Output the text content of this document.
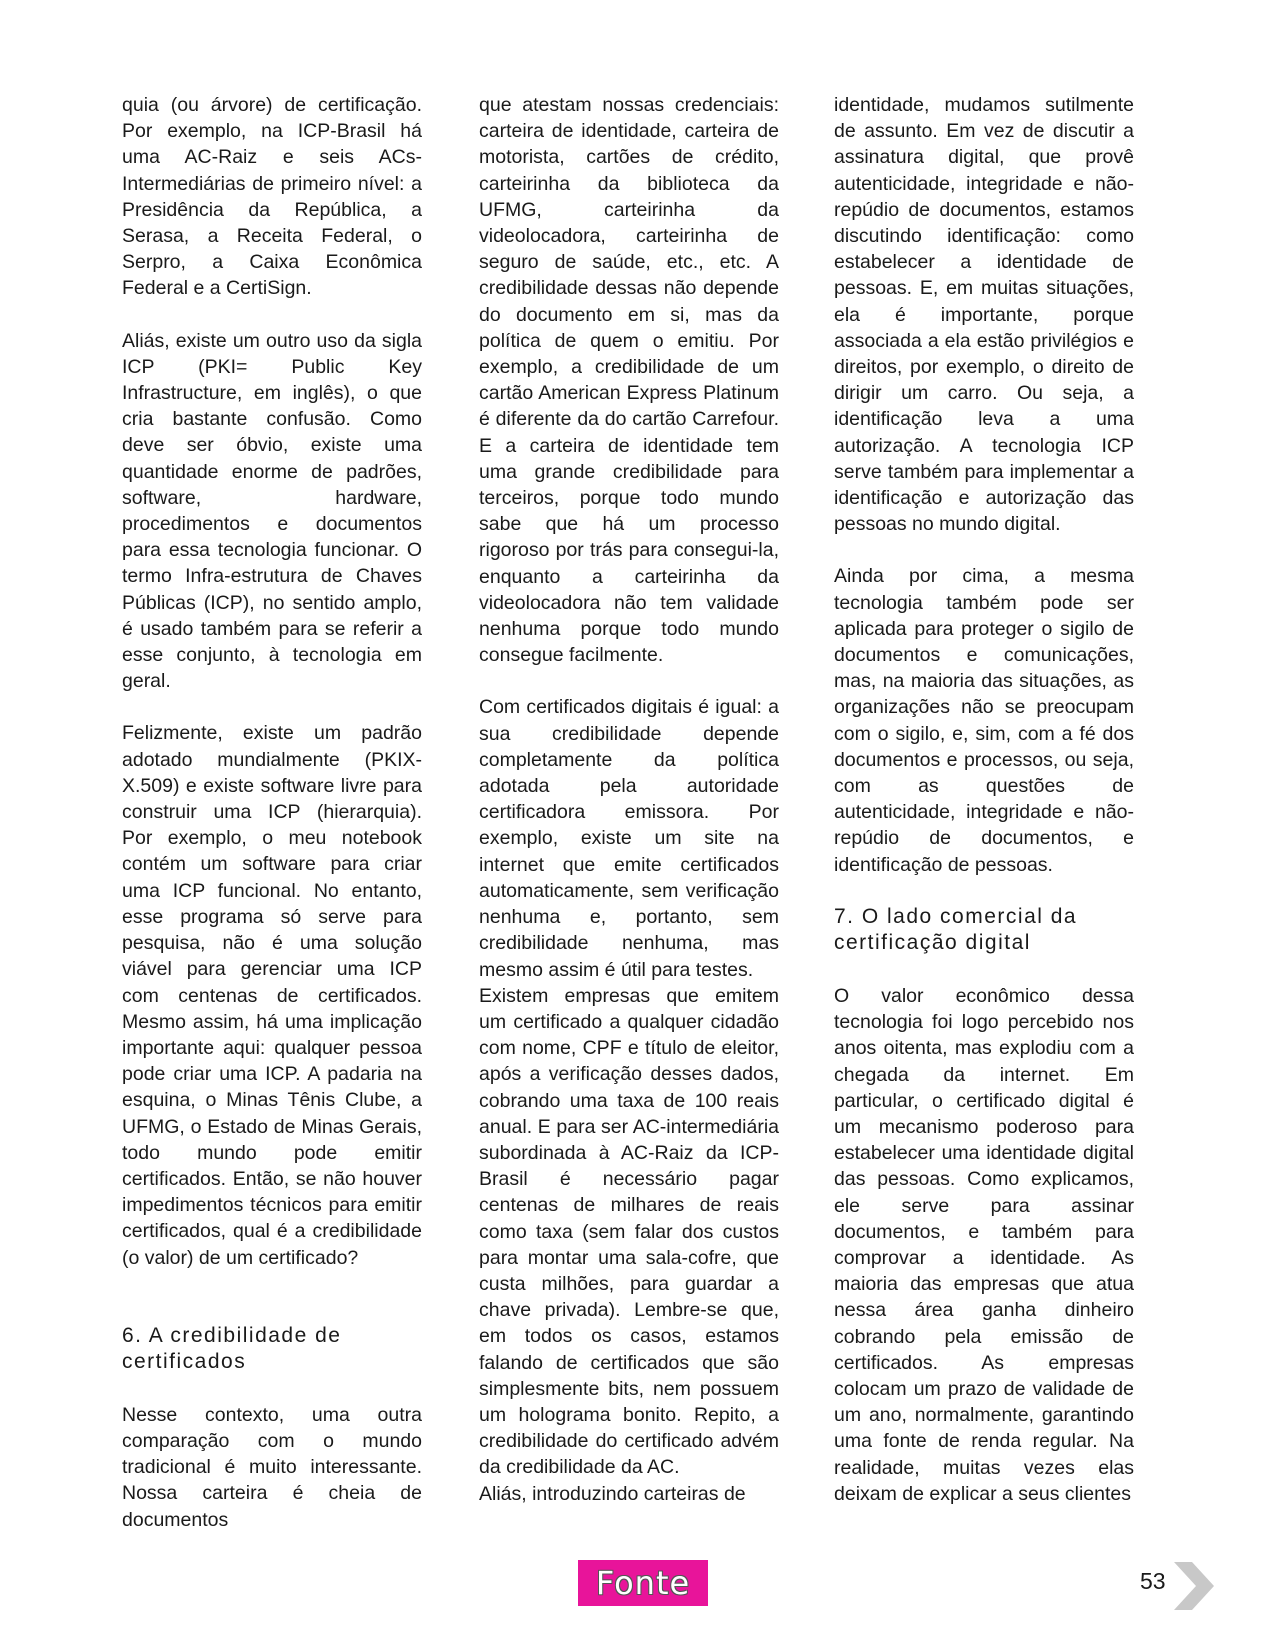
quia (ou árvore) de certificação. Por exemplo, na ICP-Brasil há uma AC-Raiz e seis ACs-Intermediárias de primeiro nível: a Presidência da República, a Serasa, a Receita Federal, o Serpro, a Caixa Econômica Federal e a CertiSign.

Aliás, existe um outro uso da sigla ICP (PKI= Public Key Infrastructure, em inglês), o que cria bastante confusão. Como deve ser óbvio, existe uma quantidade enorme de padrões, software, hardware, procedimentos e documentos para essa tecnologia funcionar. O termo Infra-estrutura de Chaves Públicas (ICP), no sentido amplo, é usado também para se referir a esse conjunto, à tecnologia em geral.

Felizmente, existe um padrão adotado mundialmente (PKIX-X.509) e existe software livre para construir uma ICP (hierarquia). Por exemplo, o meu notebook contém um software para criar uma ICP funcional. No entanto, esse programa só serve para pesquisa, não é uma solução viável para gerenciar uma ICP com centenas de certificados. Mesmo assim, há uma implicação importante aqui: qualquer pessoa pode criar uma ICP. A padaria na esquina, o Minas Tênis Clube, a UFMG, o Estado de Minas Gerais, todo mundo pode emitir certificados. Então, se não houver impedimentos técnicos para emitir certificados, qual é a credibilidade (o valor) de um certificado?

6. A credibilidade de certificados

Nesse contexto, uma outra comparação com o mundo tradicional é muito interessante. Nossa carteira é cheia de documentos

que atestam nossas credenciais: carteira de identidade, carteira de motorista, cartões de crédito, carteirinha da biblioteca da UFMG, carteirinha da videolocadora, carteirinha de seguro de saúde, etc., etc. A credibilidade dessas não depende do documento em si, mas da política de quem o emitiu. Por exemplo, a credibilidade de um cartão American Express Platinum é diferente da do cartão Carrefour. E a carteira de identidade tem uma grande credibilidade para terceiros, porque todo mundo sabe que há um processo rigoroso por trás para consegui-la, enquanto a carteirinha da videolocadora não tem validade nenhuma porque todo mundo consegue facilmente.

Com certificados digitais é igual: a sua credibilidade depende completamente da política adotada pela autoridade certificadora emissora. Por exemplo, existe um site na internet que emite certificados automaticamente, sem verificação nenhuma e, portanto, sem credibilidade nenhuma, mas mesmo assim é útil para testes.

Existem empresas que emitem um certificado a qualquer cidadão com nome, CPF e título de eleitor, após a verificação desses dados, cobrando uma taxa de 100 reais anual. E para ser AC-intermediária subordinada à AC-Raiz da ICP-Brasil é necessário pagar centenas de milhares de reais como taxa (sem falar dos custos para montar uma sala-cofre, que custa milhões, para guardar a chave privada). Lembre-se que, em todos os casos, estamos falando de certificados que são simplesmente bits, nem possuem um holograma bonito. Repito, a credibilidade do certificado advém da credibilidade da AC.

Aliás, introduzindo carteiras de

identidade, mudamos sutilmente de assunto. Em vez de discutir a assinatura digital, que provê autenticidade, integridade e não-repúdio de documentos, estamos discutindo identificação: como estabelecer a identidade de pessoas. E, em muitas situações, ela é importante, porque associada a ela estão privilégios e direitos, por exemplo, o direito de dirigir um carro. Ou seja, a identificação leva a uma autorização. A tecnologia ICP serve também para implementar a identificação e autorização das pessoas no mundo digital.

Ainda por cima, a mesma tecnologia também pode ser aplicada para proteger o sigilo de documentos e comunicações, mas, na maioria das situações, as organizações não se preocupam com o sigilo, e, sim, com a fé dos documentos e processos, ou seja, com as questões de autenticidade, integridade e não-repúdio de documentos, e identificação de pessoas.

7. O lado comercial da certificação digital

O valor econômico dessa tecnologia foi logo percebido nos anos oitenta, mas explodiu com a chegada da internet. Em particular, o certificado digital é um mecanismo poderoso para estabelecer uma identidade digital das pessoas. Como explicamos, ele serve para assinar documentos, e também para comprovar a identidade. As maioria das empresas que atua nessa área ganha dinheiro cobrando pela emissão de certificados. As empresas colocam um prazo de validade de um ano, normalmente, garantindo uma fonte de renda regular. Na realidade, muitas vezes elas deixam de explicar a seus clientes

Fonte	53
